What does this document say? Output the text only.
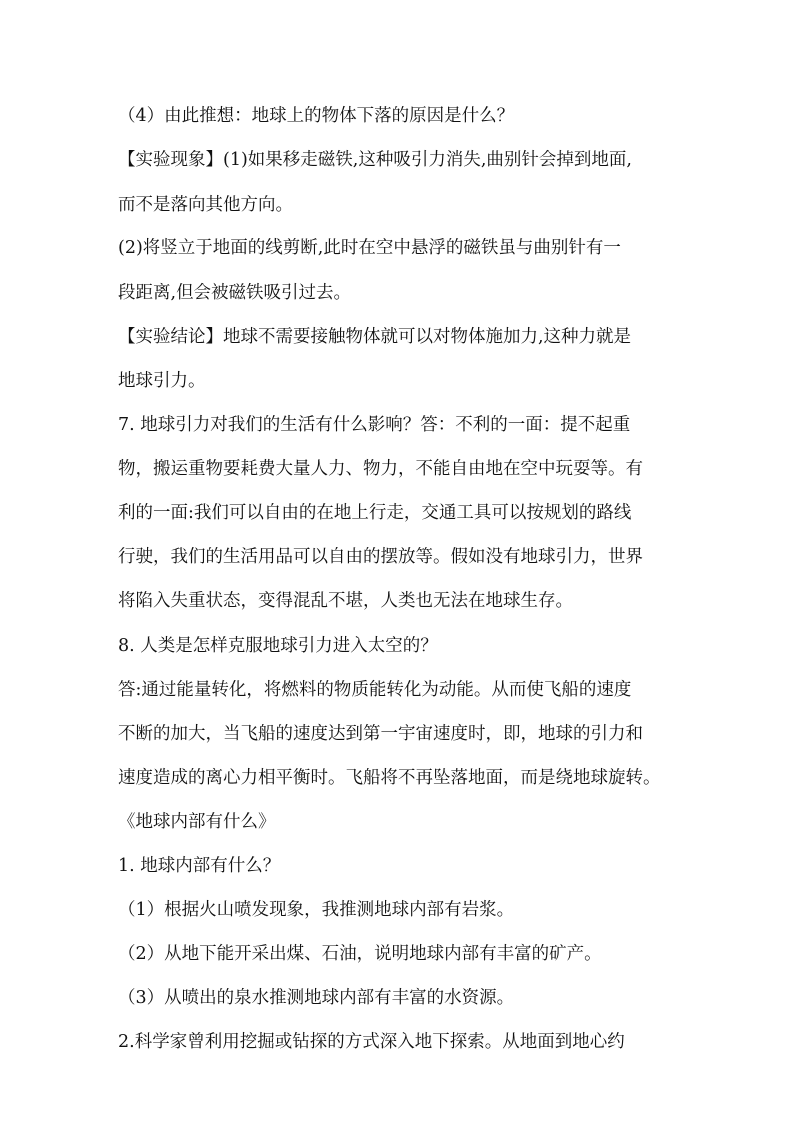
（4）由此推想：地球上的物体下落的原因是什么？
【实验现象】(1)如果移走磁铁,这种吸引力消失,曲别针会掉到地面,
而不是落向其他方向。
(2)将竖立于地面的线剪断,此时在空中悬浮的磁铁虽与曲别针有一
段距离,但会被磁铁吸引过去。
【实验结论】地球不需要接触物体就可以对物体施加力,这种力就是
地球引力。
7. 地球引力对我们的生活有什么影响？答：不利的一面：提不起重
物，搬运重物要耗费大量人力、物力，不能自由地在空中玩耍等。有
利的一面:我们可以自由的在地上行走，交通工具可以按规划的路线
行驶，我们的生活用品可以自由的摆放等。假如没有地球引力，世界
将陷入失重状态，变得混乱不堪，人类也无法在地球生存。
8. 人类是怎样克服地球引力进入太空的？
答:通过能量转化，将燃料的物质能转化为动能。从而使飞船的速度
不断的加大，当飞船的速度达到第一宇宙速度时，即，地球的引力和
速度造成的离心力相平衡时。飞船将不再坠落地面，而是绕地球旋转。
《地球内部有什么》
1. 地球内部有什么？
（1）根据火山喷发现象，我推测地球内部有岩浆。
（2）从地下能开采出煤、石油，说明地球内部有丰富的矿产。
（3）从喷出的泉水推测地球内部有丰富的水资源。
2.科学家曾利用挖掘或钻探的方式深入地下探索。从地面到地心约
